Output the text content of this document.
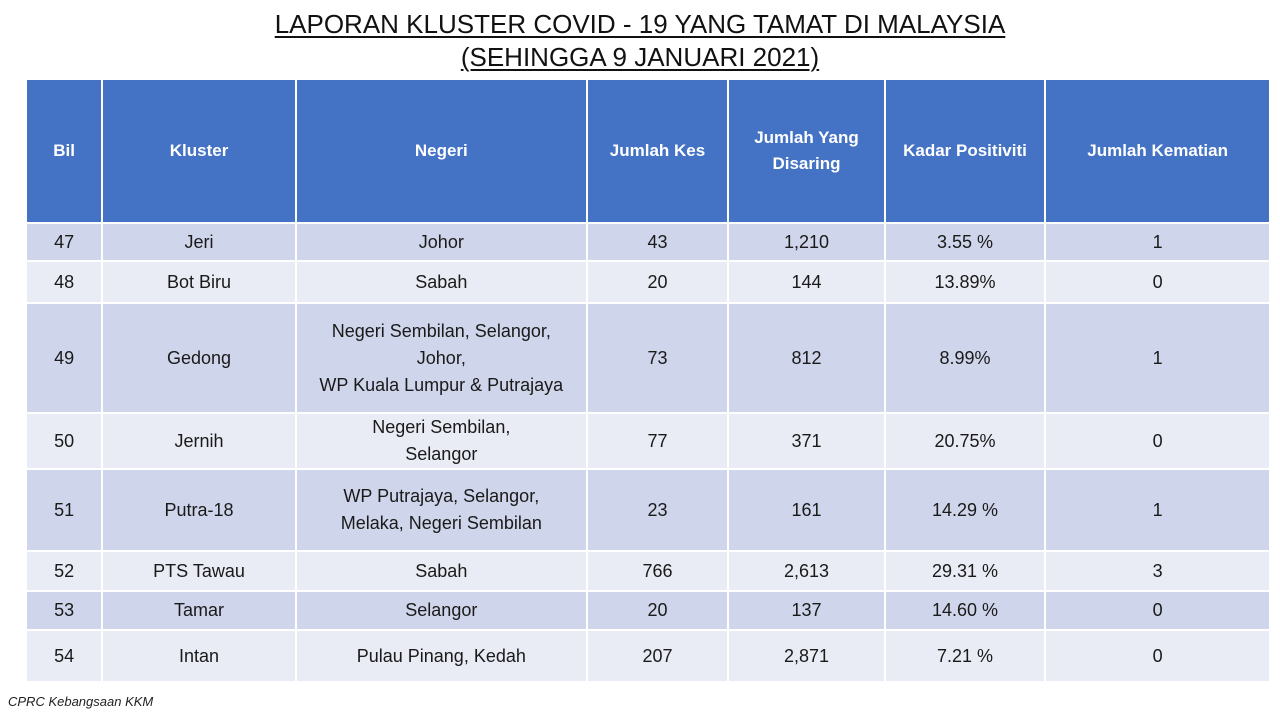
LAPORAN KLUSTER COVID - 19 YANG TAMAT DI MALAYSIA
(SEHINGGA 9 JANUARI 2021)
Bil	Kluster	Negeri	Jumlah Kes	Jumlah Yang Disaring	Kadar Positiviti	Jumlah Kematian
47	Jeri	Johor	43	1,210	3.55 %	1
48	Bot Biru	Sabah	20	144	13.89%	0
49	Gedong	Negeri Sembilan, Selangor,
Johor,
WP Kuala Lumpur & Putrajaya	73	812	8.99%	1
50	Jernih	Negeri Sembilan,
Selangor	77	371	20.75%	0
51	Putra-18	WP Putrajaya, Selangor,
Melaka, Negeri Sembilan	23	161	14.29 %	1
52	PTS Tawau	Sabah	766	2,613	29.31 %	3
53	Tamar	Selangor	20	137	14.60 %	0
54	Intan	Pulau Pinang, Kedah	207	2,871	7.21 %	0
CPRC Kebangsaan KKM
